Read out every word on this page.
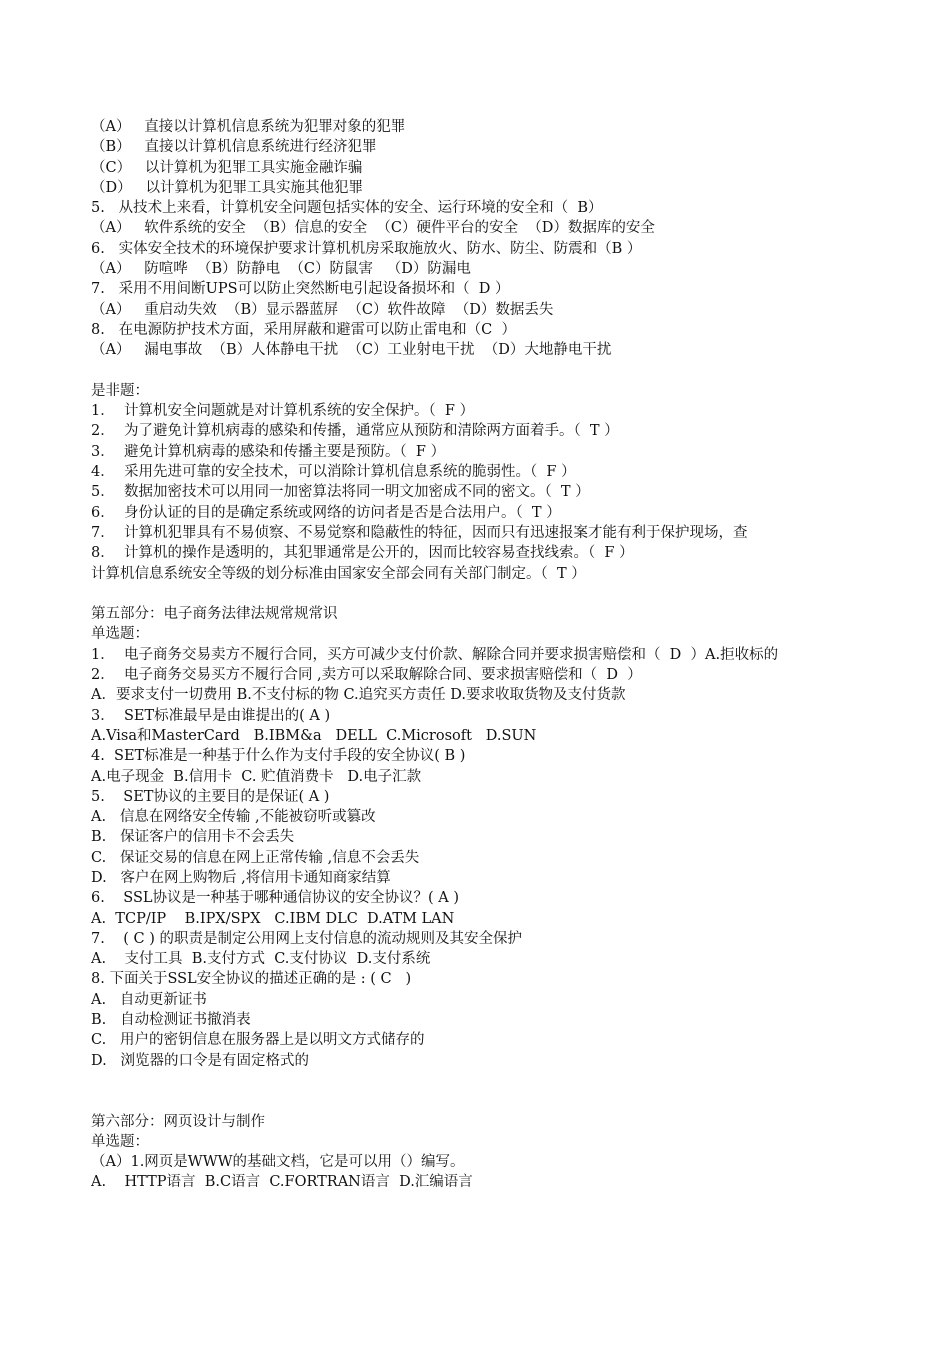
（A）   直接以计算机信息系统为犯罪对象的犯罪
（B）   直接以计算机信息系统进行经济犯罪
（C）   以计算机为犯罪工具实施金融诈骗
（D）   以计算机为犯罪工具实施其他犯罪
5.   从技术上来看，计算机安全问题包括实体的安全、运行环境的安全和（  B）
（A）   软件系统的安全  （B）信息的安全  （C）硬件平台的安全  （D）数据库的安全
6.   实体安全技术的环境保护要求计算机机房采取施放火、防水、防尘、防震和（B ）
（A）   防喧哗  （B）防静电  （C）防鼠害   （D）防漏电
7.   采用不用间断UPS可以防止突然断电引起设备损坏和（  D ）
（A）   重启动失效  （B）显示器蓝屏  （C）软件故障  （D）数据丢失
8.   在电源防护技术方面，采用屏蔽和避雷可以防止雷电和（C  ）
（A）   漏电事故  （B）人体静电干扰  （C）工业射电干扰  （D）大地静电干扰
是非题：
1．  计算机安全问题就是对计算机系统的安全保护。（  F ）
2．  为了避免计算机病毒的感染和传播，通常应从预防和清除两方面着手。（  T ）
3．  避免计算机病毒的感染和传播主要是预防。（  F ）
4．  采用先进可靠的安全技术，可以消除计算机信息系统的脆弱性。（  F ）
5．  数据加密技术可以用同一加密算法将同一明文加密成不同的密文。（  T ）
6．  身份认证的目的是确定系统或网络的访问者是否是合法用户。（  T ）
7．  计算机犯罪具有不易侦察、不易觉察和隐蔽性的特征，因而只有迅速报案才能有利于保护现场，查
8．  计算机的操作是透明的，其犯罪通常是公开的，因而比较容易查找线索。（  F ）
计算机信息系统安全等级的划分标准由国家安全部会同有关部门制定。（  T ）
第五部分：电子商务法律法规常规常识
单选题：
1．  电子商务交易卖方不履行合同，买方可减少支付价款、解除合同并要求损害赔偿和（  D  ）A.拒收标的
2．  电子商务交易买方不履行合同 ,卖方可以采取解除合同、要求损害赔偿和（  D  ）
A．要求支付一切费用 B.不支付标的物 C.追究买方责任 D.要求收取货物及支付货款
3．  SET标准最早是由谁提出的( A )
A.Visa和MasterCard   B.IBM&a   DELL  C.Microsoft   D.SUN
4.  SET标准是一种基于什么作为支付手段的安全协议( B )
A.电子现金  B.信用卡  C. 贮值消费卡   D.电子汇款
5.    SET协议的主要目的是保证( A )
A.   信息在网络安全传输 ,不能被窃听或篡改
B.   保证客户的信用卡不会丢失
C.   保证交易的信息在网上正常传输 ,信息不会丢失
D.   客户在网上购物后 ,将信用卡通知商家结算
6.    SSL协议是一种基于哪种通信协议的安全协议？( A )
A.  TCP/IP    B.IPX/SPX   C.IBM DLC  D.ATM LAN
7.    ( C ) 的职责是制定公用网上支付信息的流动规则及其安全保护
A.    支付工具  B.支付方式  C.支付协议  D.支付系统
8. 下面关于SSL安全协议的描述正确的是 : ( C   )
A.   自动更新证书
B.   自动检测证书撤消表
C.   用户的密钥信息在服务器上是以明文方式储存的
D.   浏览器的口令是有固定格式的
第六部分：网页设计与制作
单选题：
（A）1.网页是WWW的基础文档，它是可以用（）编写。
A.    HTTP语言  B.C语言  C.FORTRAN语言  D.汇编语言
